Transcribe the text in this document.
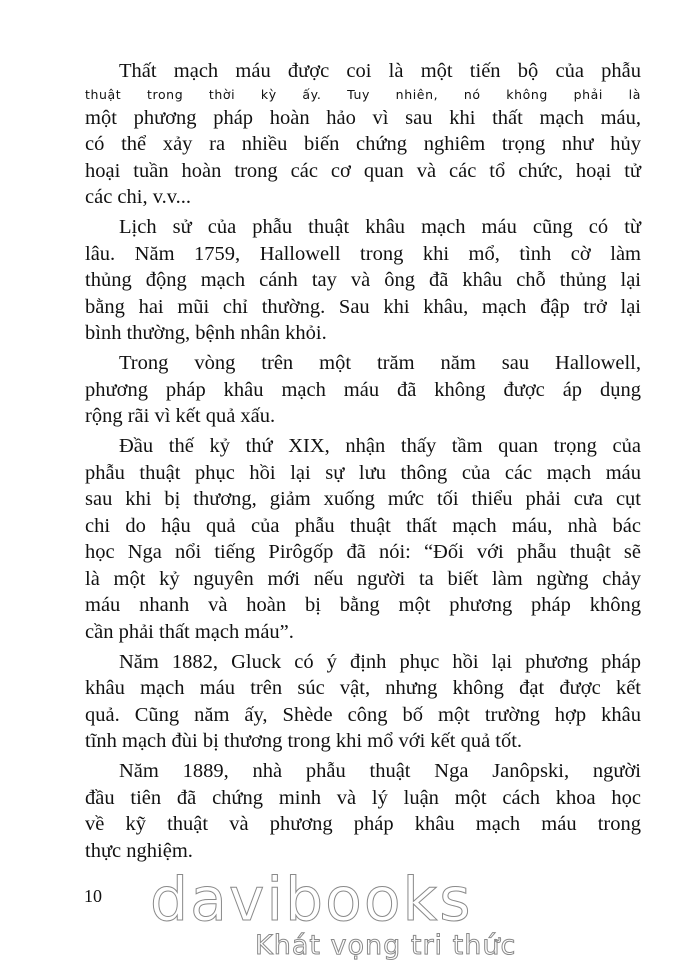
Thất mạch máu được coi là một tiến bộ của phẫu
thuật trong thời kỳ ấy. Tuy nhiên, nó không phải là
một phương pháp hoàn hảo vì sau khi thất mạch máu,
có thể xảy ra nhiều biến chứng nghiêm trọng như hủy
hoại tuần hoàn trong các cơ quan và các tổ chức, hoại tử
các chi, v.v...
Lịch sử của phẫu thuật khâu mạch máu cũng có từ
lâu. Năm 1759, Hallowell trong khi mổ, tình cờ làm
thủng động mạch cánh tay và ông đã khâu chỗ thủng lại
bằng hai mũi chỉ thường. Sau khi khâu, mạch đập trở lại
bình thường, bệnh nhân khỏi.
Trong vòng trên một trăm năm sau Hallowell,
phương pháp khâu mạch máu đã không được áp dụng
rộng rãi vì kết quả xấu.
Đầu thế kỷ thứ XIX, nhận thấy tầm quan trọng của
phẫu thuật phục hồi lại sự lưu thông của các mạch máu
sau khi bị thương, giảm xuống mức tối thiểu phải cưa cụt
chi do hậu quả của phẫu thuật thất mạch máu, nhà bác
học Nga nổi tiếng Pirôgốp đã nói: “Đối với phẫu thuật sẽ
là một kỷ nguyên mới nếu người ta biết làm ngừng chảy
máu nhanh và hoàn bị bằng một phương pháp không
cần phải thất mạch máu”.
Năm 1882, Gluck có ý định phục hồi lại phương pháp
khâu mạch máu trên súc vật, nhưng không đạt được kết
quả. Cũng năm ấy, Shède công bố một trường hợp khâu
tĩnh mạch đùi bị thương trong khi mổ với kết quả tốt.
Năm 1889, nhà phẫu thuật Nga Janôpski, người
đầu tiên đã chứng minh và lý luận một cách khoa học
về kỹ thuật và phương pháp khâu mạch máu trong
thực nghiệm.
10 davibooks
Khát vọng tri thức
